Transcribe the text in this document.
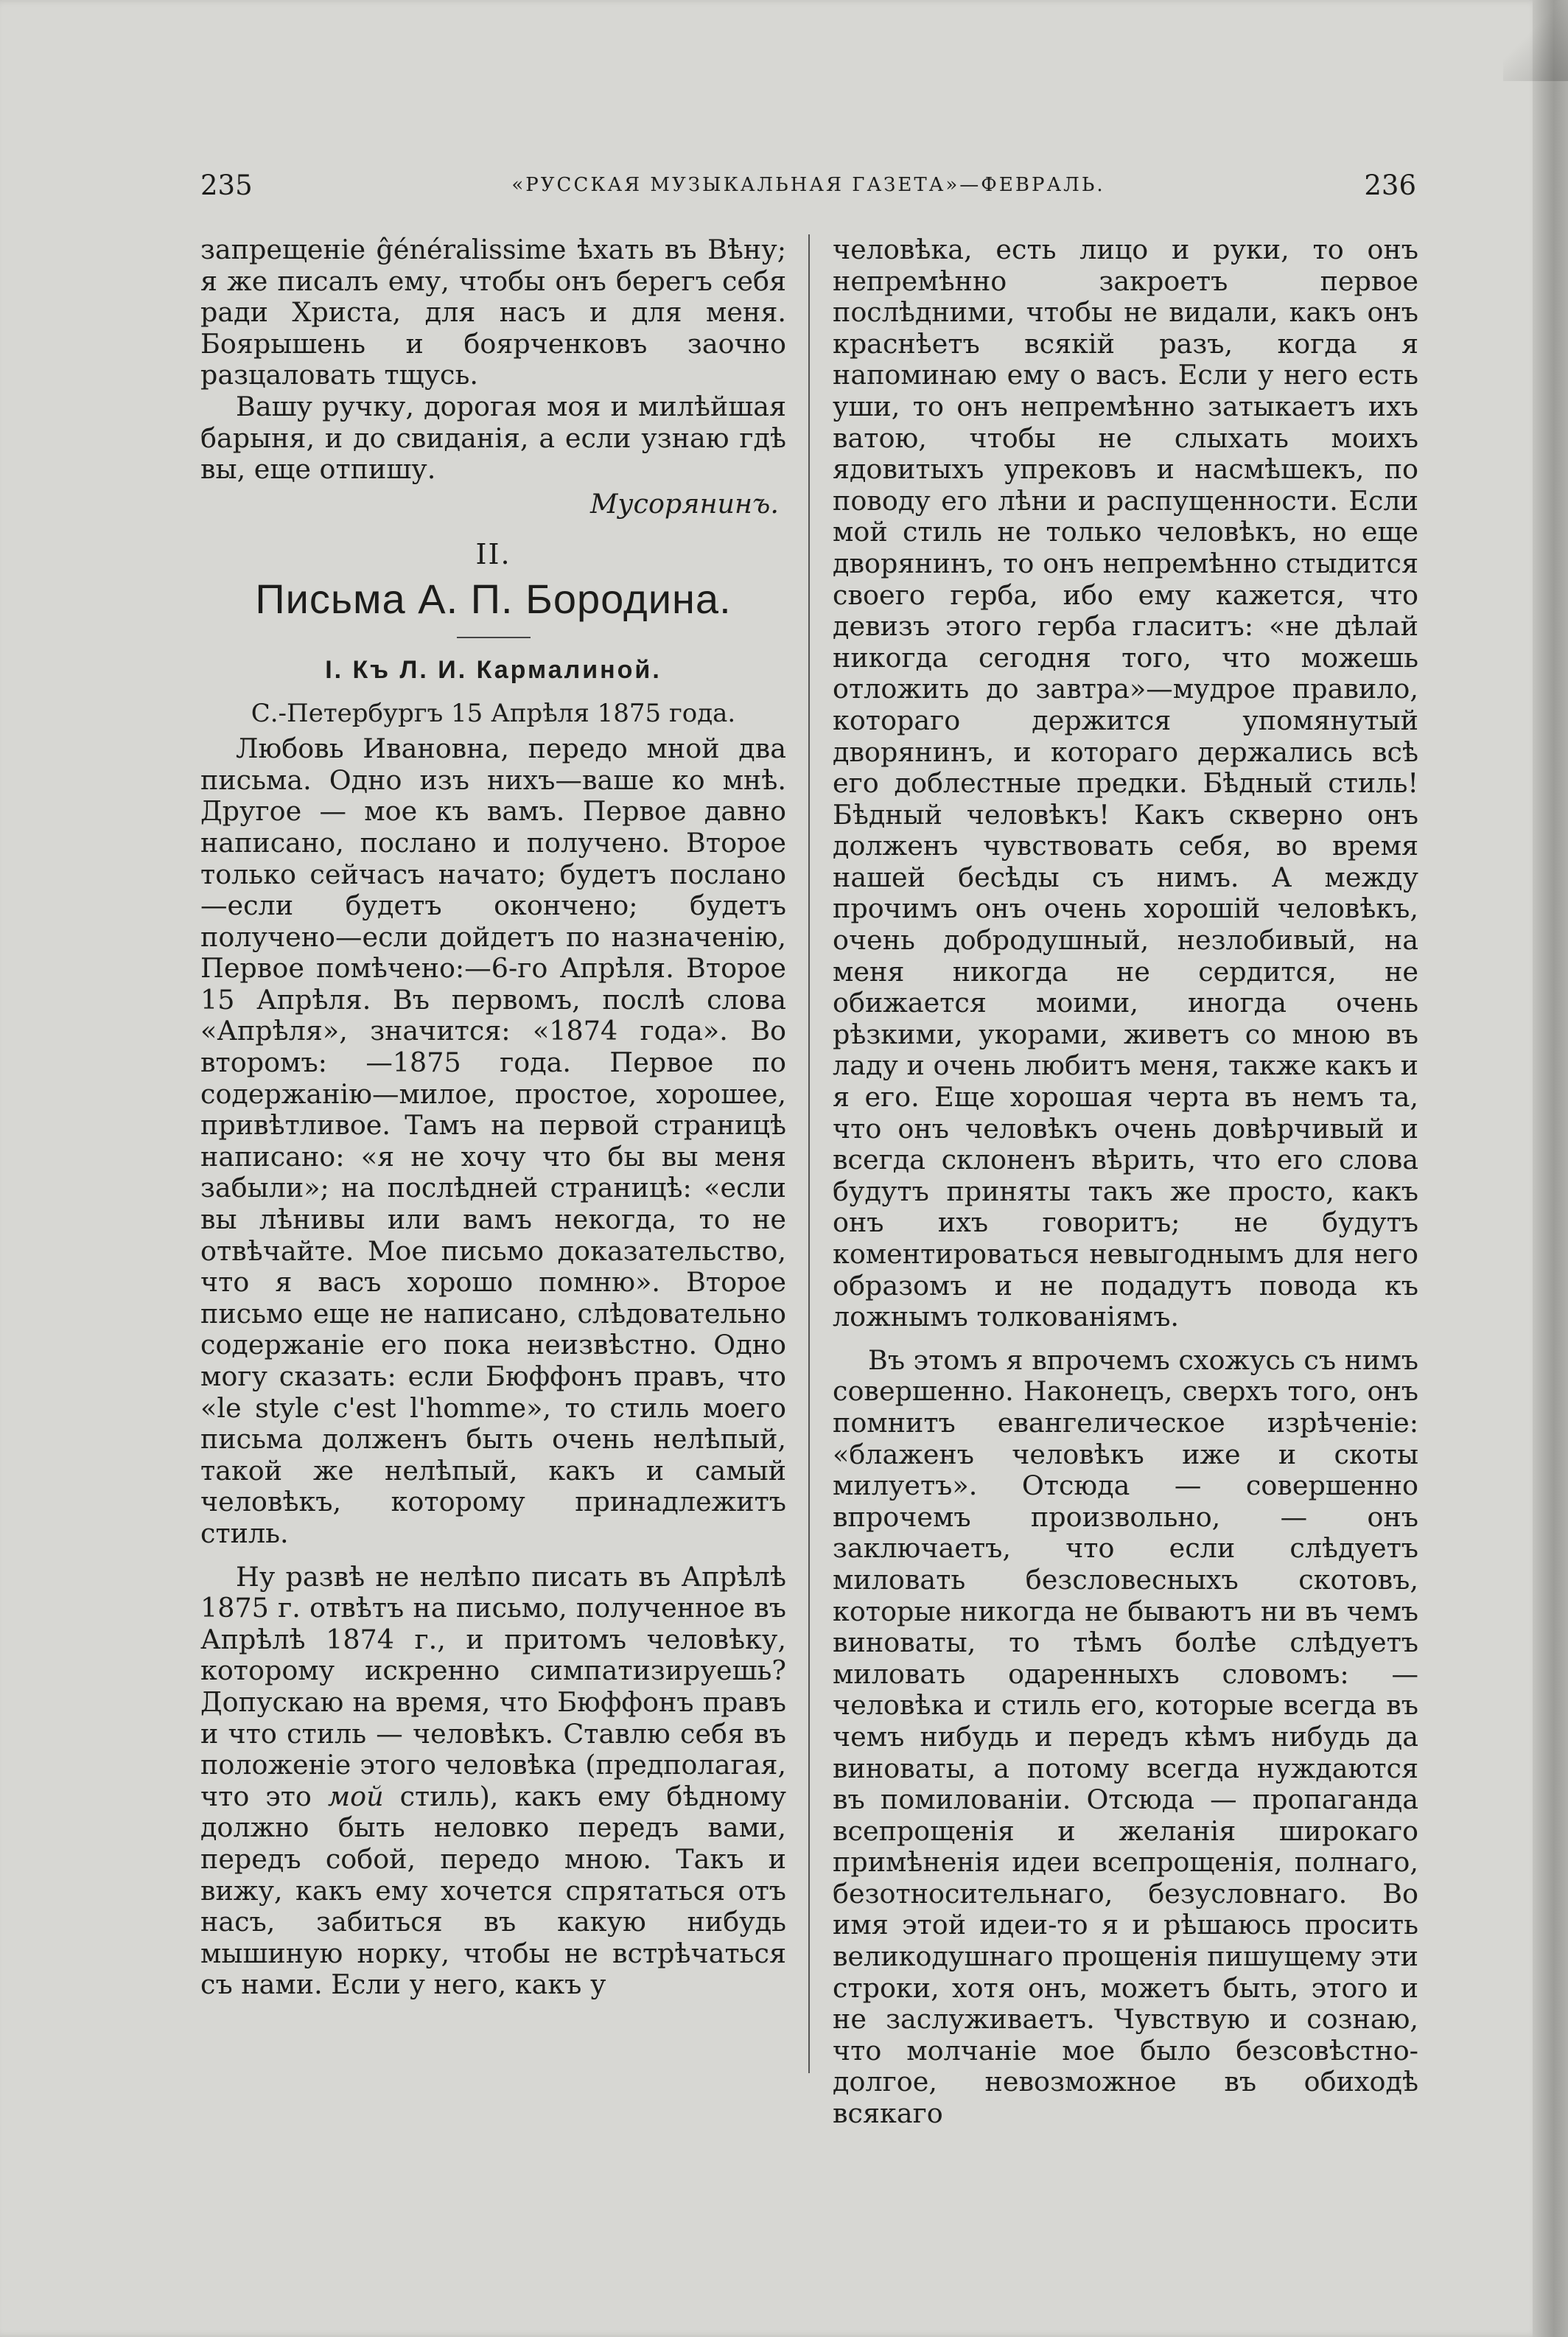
235	«РУССКАЯ МУЗЫКАЛЬНАЯ ГАЗЕТА»—ФЕВРАЛЬ.	236

запрещенie ĝénéralissime ѣхать въ Вѣну; я же писалъ ему, чтобы онъ берегъ себя ради Христа, для насъ и для меня. Боярышень и боярченковъ заочно разцаловать тщусь.

Вашу ручку, дорогая моя и милѣйшая барыня, и до свиданія, а если узнаю гдѣ вы, еще отпишу.

Мусорянинъ.

II.

Письма А. П. Бородина.

I. Къ Л. И. Кармалиной.

С.-Петербургъ 15 Апрѣля 1875 года.

Любовь Ивановна, передо мной два письма. Одно изъ нихъ—ваше ко мнѣ. Другое — мое къ вамъ. Первое давно написано, послано и получено. Второе только сейчасъ начато; будетъ послано—если будетъ окончено; будетъ получено—если дойдетъ по назначенію, Первое помѣчено:—6-го Апрѣля. Второе 15 Апрѣля. Въ первомъ, послѣ слова «Апрѣля», значится: «1874 года». Во второмъ: —1875 года. Первое по содержанію—милое, простое, хорошее, привѣтливое. Тамъ на первой страницѣ написано: «я не хочу что бы вы меня забыли»; на послѣдней страницѣ: «если вы лѣнивы или вамъ некогда, то не отвѣчайте. Мое письмо доказательство, что я васъ хорошо помню». Второе письмо еще не написано, слѣдовательно содержанie его пока неизвѣстно. Одно могу сказать: если Бюффонъ правъ, что «le style c'est l'homme», то стиль моего письма долженъ быть очень нелѣпый, такой же нелѣпый, какъ и самый человѣкъ, которому принадлежитъ стиль.

Ну развѣ не нелѣпо писать въ Апрѣлѣ 1875 г. отвѣтъ на письмо, полученное въ Апрѣлѣ 1874 г., и притомъ человѣку, которому искренно симпатизируешь? Допускаю на время, что Бюффонъ правъ и что стиль — человѣкъ. Ставлю себя въ положенie этого человѣка (предполагая, что это мой стиль), какъ ему бѣдному должно быть неловко передъ вами, передъ собой, передо мною. Такъ и вижу, какъ ему хочется спрятаться отъ насъ, забиться въ какую нибудь мышиную норку, чтобы не встрѣчаться съ нами. Если у него, какъ у

человѣка, есть лицо и руки, то онъ непремѣнно закроетъ первое послѣдними, чтобы не видали, какъ онъ краснѣетъ всякій разъ, когда я напоминаю ему о васъ. Если у него есть уши, то онъ непремѣнно затыкаетъ ихъ ватою, чтобы не слыхать моихъ ядовитыхъ упрековъ и насмѣшекъ, по поводу его лѣни и распущенности. Если мой стиль не только человѣкъ, но еще дворянинъ, то онъ непремѣнно стыдится своего герба, ибо ему кажется, что девизъ этого герба гласитъ: «не дѣлай никогда сегодня того, что можешь отложить до завтра»—мудрое правило, котораго держится упомянутый дворянинъ, и котораго держались всѣ его доблестные предки. Бѣдный стиль! Бѣдный человѣкъ! Какъ скверно онъ долженъ чувствовать себя, во время нашей бесѣды съ нимъ. А между прочимъ онъ очень хорошій человѣкъ, очень добродушный, незлобивый, на меня никогда не сердится, не обижается моими, иногда очень рѣзкими, укорами, живетъ со мною въ ладу и очень любитъ меня, также какъ и я его. Еще хорошая черта въ немъ та, что онъ человѣкъ очень довѣрчивый и всегда склоненъ вѣрить, что его слова будутъ приняты такъ же просто, какъ онъ ихъ говоритъ; не будутъ коментироваться невыгоднымъ для него образомъ и не подадутъ повода къ ложнымъ толкованіямъ.

Въ этомъ я впрочемъ схожусь съ нимъ совершенно. Наконецъ, сверхъ того, онъ помнитъ евангелическое изрѣченie: «блаженъ человѣкъ иже и скоты милуетъ». Отсюда — совершенно впрочемъ произвольно, — онъ заключаетъ, что если слѣдуетъ миловать безсловесныхъ скотовъ, которые никогда не бываютъ ни въ чемъ виноваты, то тѣмъ болѣе слѣдуетъ миловать одаренныхъ словомъ: — человѣка и стиль его, которые всегда въ чемъ нибудь и передъ кѣмъ нибудь да виноваты, а потому всегда нуждаются въ помилованіи. Отсюда — пропаганда всепрощенія и желанія широкаго примѣненія идеи всепрощенія, полнаго, безотносительнаго, безусловнаго. Во имя этой идеи-то я и рѣшаюсь просить великодушнаго прощенія пишущему эти строки, хотя онъ, можетъ быть, этого и не заслуживаетъ. Чувствую и сознаю, что молчанie мое было безсовѣстно-долгое, невозможное въ обиходѣ всякаго
